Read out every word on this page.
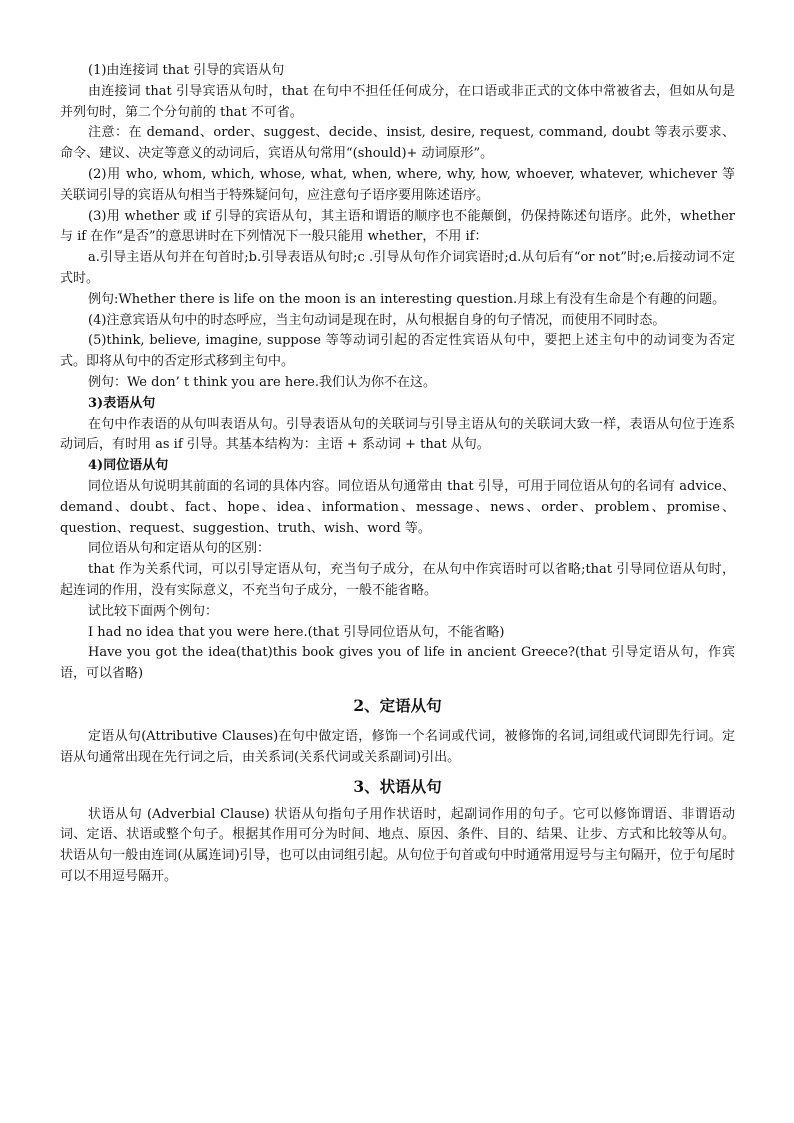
(1)由连接词 that 引导的宾语从句

由连接词 that 引导宾语从句时，that 在句中不担任任何成分，在口语或非正式的文体中常被省去，但如从句是并列句时，第二个分句前的 that 不可省。

注意：在 demand、order、suggest、decide、insist, desire, request, command, doubt 等表示要求、命令、建议、决定等意义的动词后，宾语从句常用“(should)+ 动词原形”。

(2)用 who, whom, which, whose, what, when, where, why, how, whoever, whatever, whichever 等关联词引导的宾语从句相当于特殊疑问句，应注意句子语序要用陈述语序。

(3)用 whether 或 if 引导的宾语从句，其主语和谓语的顺序也不能颠倒，仍保持陈述句语序。此外，whether 与 if 在作“是否”的意思讲时在下列情况下一般只能用 whether，不用 if：

a.引导主语从句并在句首时;b.引导表语从句时;c .引导从句作介词宾语时;d.从句后有“or not”时;e.后接动词不定式时。

例句:Whether there is life on the moon is an interesting question.月球上有没有生命是个有趣的问题。

(4)注意宾语从句中的时态呼应，当主句动词是现在时，从句根据自身的句子情况，而使用不同时态。

(5)think, believe, imagine, suppose 等等动词引起的否定性宾语从句中，要把上述主句中的动词变为否定式。即将从句中的否定形式移到主句中。

例句：We don’ t think you are here.我们认为你不在这。

3)表语从句

在句中作表语的从句叫表语从句。引导表语从句的关联词与引导主语从句的关联词大致一样，表语从句位于连系动词后，有时用 as if 引导。其基本结构为：主语 + 系动词 + that 从句。

4)同位语从句

同位语从句说明其前面的名词的具体内容。同位语从句通常由 that 引导，可用于同位语从句的名词有 advice、demand、doubt、fact、hope、idea、information、message、news、order、problem、promise、question、request、suggestion、truth、wish、word 等。

同位语从句和定语从句的区别：

that 作为关系代词，可以引导定语从句，充当句子成分，在从句中作宾语时可以省略;that 引导同位语从句时，起连词的作用，没有实际意义，不充当句子成分，一般不能省略。

试比较下面两个例句：

I had no idea that you were here.(that 引导同位语从句，不能省略)

Have you got the idea(that)this book gives you of life in ancient Greece?(that 引导定语从句，作宾语，可以省略)

2、定语从句

定语从句(Attributive Clauses)在句中做定语，修饰一个名词或代词，被修饰的名词,词组或代词即先行词。定语从句通常出现在先行词之后，由关系词(关系代词或关系副词)引出。

3、状语从句

状语从句 (Adverbial Clause) 状语从句指句子用作状语时，起副词作用的句子。它可以修饰谓语、非谓语动词、定语、状语或整个句子。根据其作用可分为时间、地点、原因、条件、目的、结果、让步、方式和比较等从句。状语从句一般由连词(从属连词)引导，也可以由词组引起。从句位于句首或句中时通常用逗号与主句隔开，位于句尾时可以不用逗号隔开。
